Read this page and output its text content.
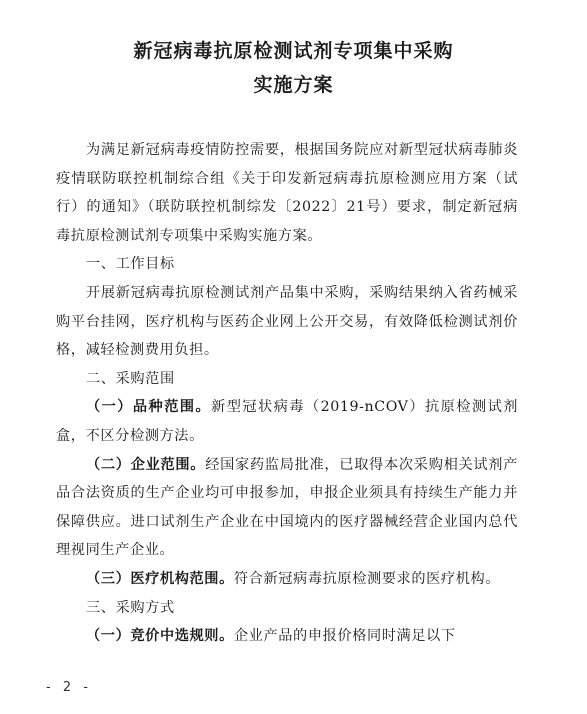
新冠病毒抗原检测试剂专项集中采购
实施方案

为满足新冠病毒疫情防控需要，根据国务院应对新型冠状病毒肺炎疫情联防联控机制综合组《关于印发新冠病毒抗原检测应用方案（试行）的通知》（联防联控机制综发〔2022〕21号）要求，制定新冠病毒抗原检测试剂专项集中采购实施方案。

一、工作目标

开展新冠病毒抗原检测试剂产品集中采购，采购结果纳入省药械采购平台挂网，医疗机构与医药企业网上公开交易，有效降低检测试剂价格，减轻检测费用负担。

二、采购范围

（一）品种范围。新型冠状病毒（2019-nCOV）抗原检测试剂盒，不区分检测方法。

（二）企业范围。经国家药监局批准，已取得本次采购相关试剂产品合法资质的生产企业均可申报参加，申报企业须具有持续生产能力并保障供应。进口试剂生产企业在中国境内的医疗器械经营企业国内总代理视同生产企业。

（三）医疗机构范围。符合新冠病毒抗原检测要求的医疗机构。

三、采购方式

（一）竞价中选规则。企业产品的申报价格同时满足以下

- 2 -
